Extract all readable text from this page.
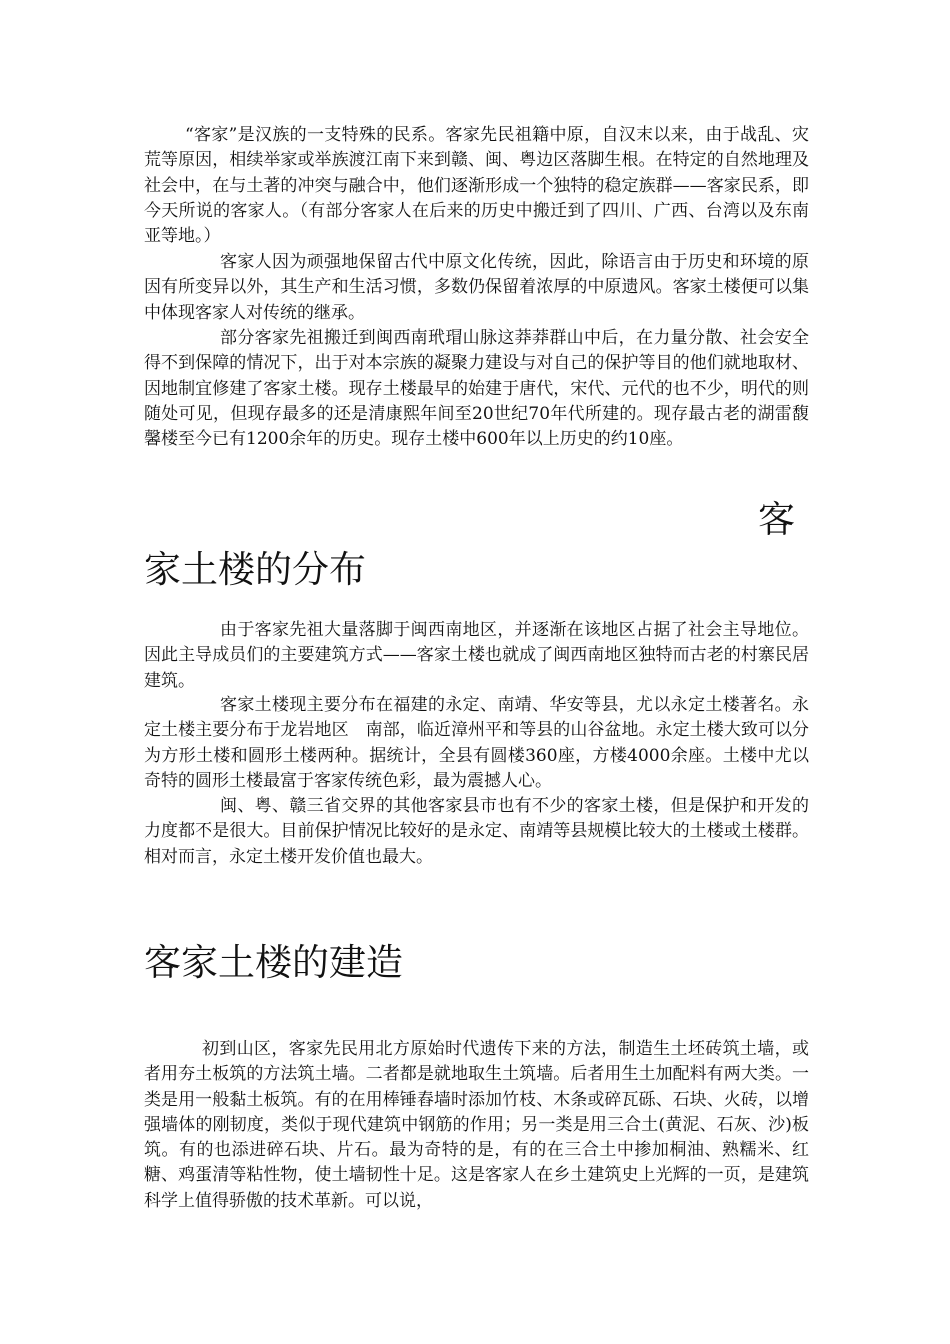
“客家”是汉族的一支特殊的民系。客家先民祖籍中原，自汉末以来，由于战乱、灾荒等原因，相续举家或举族渡江南下来到赣、闽、粤边区落脚生根。在特定的自然地理及社会中，在与土著的冲突与融合中，他们逐渐形成一个独特的稳定族群——客家民系，即今天所说的客家人。（有部分客家人在后来的历史中搬迁到了四川、广西、台湾以及东南亚等地。）

客家人因为顽强地保留古代中原文化传统，因此，除语言由于历史和环境的原因有所变异以外，其生产和生活习惯，多数仍保留着浓厚的中原遗风。客家土楼便可以集中体现客家人对传统的继承。

部分客家先祖搬迁到闽西南玳瑁山脉这莽莽群山中后，在力量分散、社会安全得不到保障的情况下，出于对本宗族的凝聚力建设与对自己的保护等目的他们就地取材、因地制宜修建了客家土楼。现存土楼最早的始建于唐代，宋代、元代的也不少，明代的则随处可见，但现存最多的还是清康熙年间至20世纪70年代所建的。现存最古老的湖雷馥馨楼至今已有1200余年的历史。现存土楼中600年以上历史的约10座。

客
家土楼的分布

由于客家先祖大量落脚于闽西南地区，并逐渐在该地区占据了社会主导地位。因此主导成员们的主要建筑方式——客家土楼也就成了闽西南地区独特而古老的村寨民居建筑。

客家土楼现主要分布在福建的永定、南靖、华安等县，尤以永定土楼著名。永定土楼主要分布于龙岩地区　南部，临近漳州平和等县的山谷盆地。永定土楼大致可以分为方形土楼和圆形土楼两种。据统计，全县有圆楼360座，方楼4000余座。土楼中尤以奇特的圆形土楼最富于客家传统色彩，最为震撼人心。

闽、粤、赣三省交界的其他客家县市也有不少的客家土楼，但是保护和开发的力度都不是很大。目前保护情况比较好的是永定、南靖等县规模比较大的土楼或土楼群。相对而言，永定土楼开发价值也最大。

客家土楼的建造

初到山区，客家先民用北方原始时代遗传下来的方法，制造生土坯砖筑土墙，或者用夯土板筑的方法筑土墙。二者都是就地取生土筑墙。后者用生土加配料有两大类。一类是用一般黏土板筑。有的在用棒锤舂墙时添加竹枝、木条或碎瓦砾、石块、火砖，以增强墙体的刚韧度，类似于现代建筑中钢筋的作用；另一类是用三合土(黄泥、石灰、沙)板筑。有的也添进碎石块、片石。最为奇特的是，有的在三合土中掺加桐油、熟糯米、红糖、鸡蛋清等粘性物，使土墙韧性十足。这是客家人在乡土建筑史上光辉的一页，是建筑科学上值得骄傲的技术革新。可以说，
